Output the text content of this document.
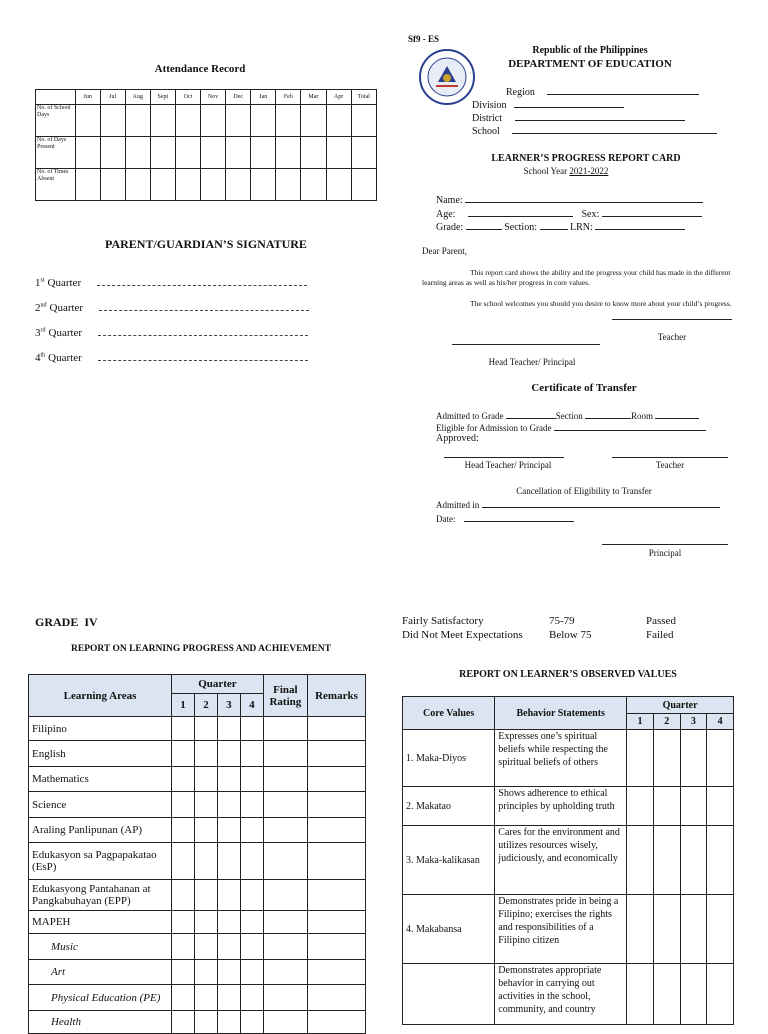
Attendance Record
	Jun	Jul	Aug	Sept	Oct	Nov	Dec	Jan	Feb	Mar	Apr	Total
No. of School Days												
No. of Days Present												
No. of Times Absent												
PARENT/GUARDIAN’S SIGNATURE
1st Quarter
2nd Quarter
3rd Quarter
4th Quarter
Sf9 - ES
Republic of the Philippines
DEPARTMENT OF EDUCATION
Region
Division
District
School
LEARNER’S PROGRESS REPORT CARD
School Year 2021-2022
Name:
Age:	Sex:
Grade:	Section:	LRN:
Dear Parent,
This report card shows the ability and the progress your child has made in the different learning areas as well as his/her progress in core values.
The school welcomes you should you desire to know more about your child’s progress.
Teacher
Head Teacher/ Principal
Certificate of Transfer
Admitted to Grade	Section	Room
Eligible for Admission to Grade
Approved:
Head Teacher/ Principal	Teacher
Cancellation of Eligibility to Transfer
Admitted in
Date:
Principal
GRADE  IV
REPORT ON LEARNING PROGRESS AND ACHIEVEMENT
Learning Areas	Quarter				Final Rating	Remarks
	1	2	3	4		
Filipino						
English						
Mathematics						
Science						
Araling Panlipunan (AP)						
Edukasyon sa Pagpapakatao (EsP)						
Edukasyong Pantahanan at Pangkabuhayan (EPP)						
MAPEH						
Music						
Art						
Physical Education (PE)						
Health						
Fairly Satisfactory	75-79	Passed
Did Not Meet Expectations Below 75	Failed
REPORT ON LEARNER’S OBSERVED VALUES
Core Values	Behavior Statements	Quarter			
		1	2	3	4
1. Maka-Diyos	Expresses one’s spiritual beliefs while respecting the spiritual beliefs of others				
2. Makatao	Shows adherence to ethical principles by upholding truth				
3. Maka-kalikasan	Cares for the environment and utilizes resources wisely, judiciously, and economically				
4. Makabansa	Demonstrates pride in being a Filipino; exercises the rights and responsibilities of a Filipino citizen				
	Demonstrates appropriate behavior in carrying out activities in the school, community, and country				
